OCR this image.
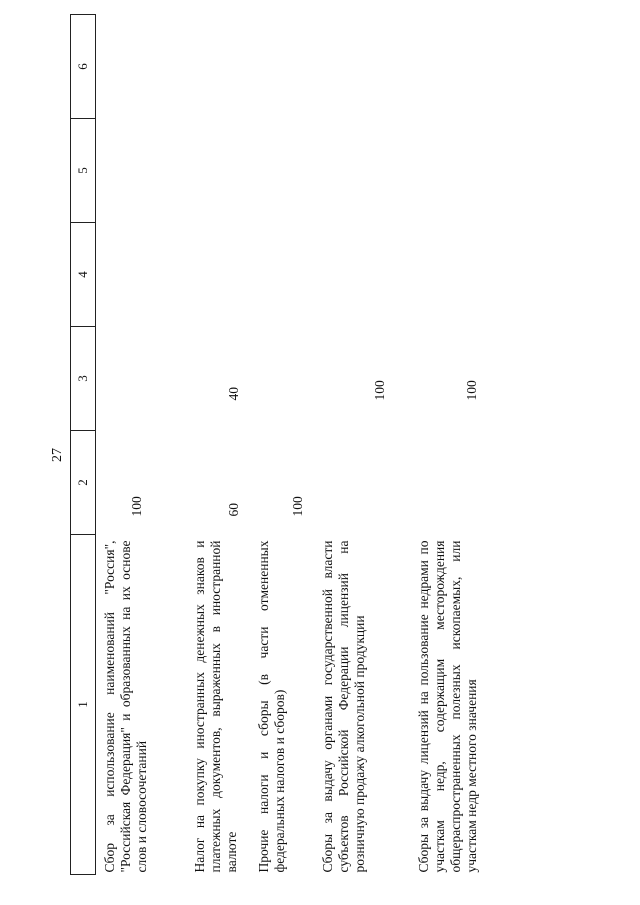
27
1	2	3	4	5	6
Сбор за использование наименований "Россия", "Российская Федерация" и образованных на их основе слов и словосочетаний	100				
Налог на покупку иностранных денежных знаков и платежных документов, выраженных в иностранной валюте	60	40			
Прочие налоги и сборы (в части отмененных федеральных налогов и сборов)	100				
Сборы за выдачу органами государственной власти субъектов Российской Федерации лицензий на розничную продажу алкогольной продукции		100			
Сборы за выдачу лицензий на пользование недрами по участкам недр, содержащим месторождения общераспространенных полезных ископаемых, или участкам недр местного значения		100			
